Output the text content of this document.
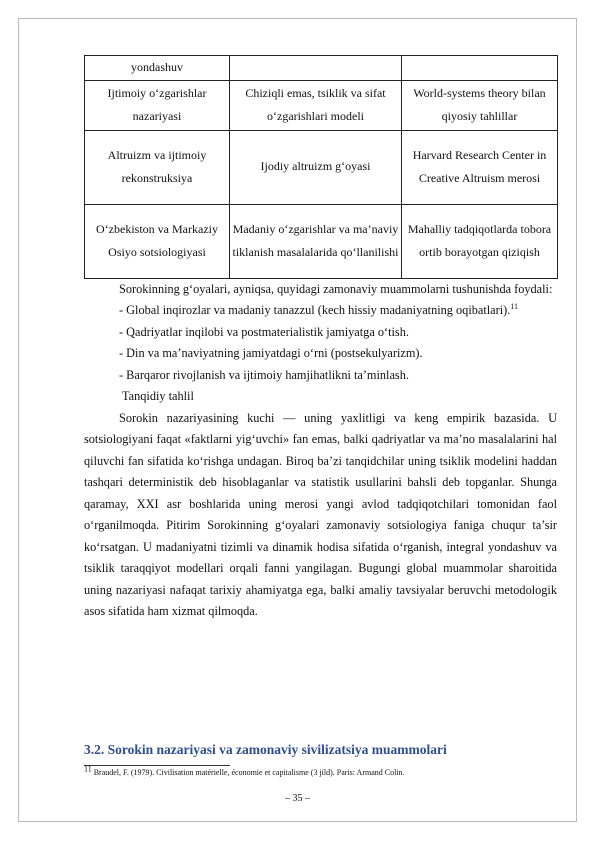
yondashuv		
Ijtimoiy o‘zgarishlar nazariyasi	Chiziqli emas, tsiklik va sifat o‘zgarishlari modeli	World-systems theory bilan qiyosiy tahlillar
Altruizm va ijtimoiy rekonstruksiya	Ijodiy altruizm g‘oyasi	Harvard Research Center in Creative Altruism merosi
O‘zbekiston va Markaziy Osiyo sotsiologiyasi	Madaniy o‘zgarishlar va ma’naviy tiklanish masalalarida qo‘llanilishi	Mahalliy tadqiqotlarda tobora ortib borayotgan qiziqish

Sorokinning g‘oyalari, ayniqsa, quyidagi zamonaviy muammolarni tushunishda foydali:

- Global inqirozlar va madaniy tanazzul (kech hissiy madaniyatning oqibatlari).$^{11}$

- Qadriyatlar inqilobi va postmaterialistik jamiyatga o‘tish.

- Din va ma’naviyatning jamiyatdagi o‘rni (postsekulyarizm).

- Barqaror rivojlanish va ijtimoiy hamjihatlikni ta’minlash.

Tanqidiy tahlil

Sorokin nazariyasining kuchi — uning yaxlitligi va keng empirik bazasida. U sotsiologiyani faqat «faktlarni yig‘uvchi» fan emas, balki qadriyatlar va ma’no masalalarini hal qiluvchi fan sifatida ko‘rishga undagan. Biroq ba’zi tanqidchilar uning tsiklik modelini haddan tashqari deterministik deb hisoblaganlar va statistik usullarini bahsli deb topganlar. Shunga qaramay, XXI asr boshlarida uning merosi yangi avlod tadqiqotchilari tomonidan faol o‘rganilmoqda. Pitirim Sorokinning g‘oyalari zamonaviy sotsiologiya faniga chuqur ta’sir ko‘rsatgan. U madaniyatni tizimli va dinamik hodisa sifatida o‘rganish, integral yondashuv va tsiklik taraqqiyot modellari orqali fanni yangilagan. Bugungi global muammolar sharoitida uning nazariyasi nafaqat tarixiy ahamiyatga ega, balki amaliy tavsiyalar beruvchi metodologik asos sifatida ham xizmat qilmoqda.

3.2. Sorokin nazariyasi va zamonaviy sivilizatsiya muammolari
$^{11}$ Braudel, F. (1979). Civilisation matérielle, économie et capitalisme (3 jild). Paris: Armand Colin.
– 35 –
